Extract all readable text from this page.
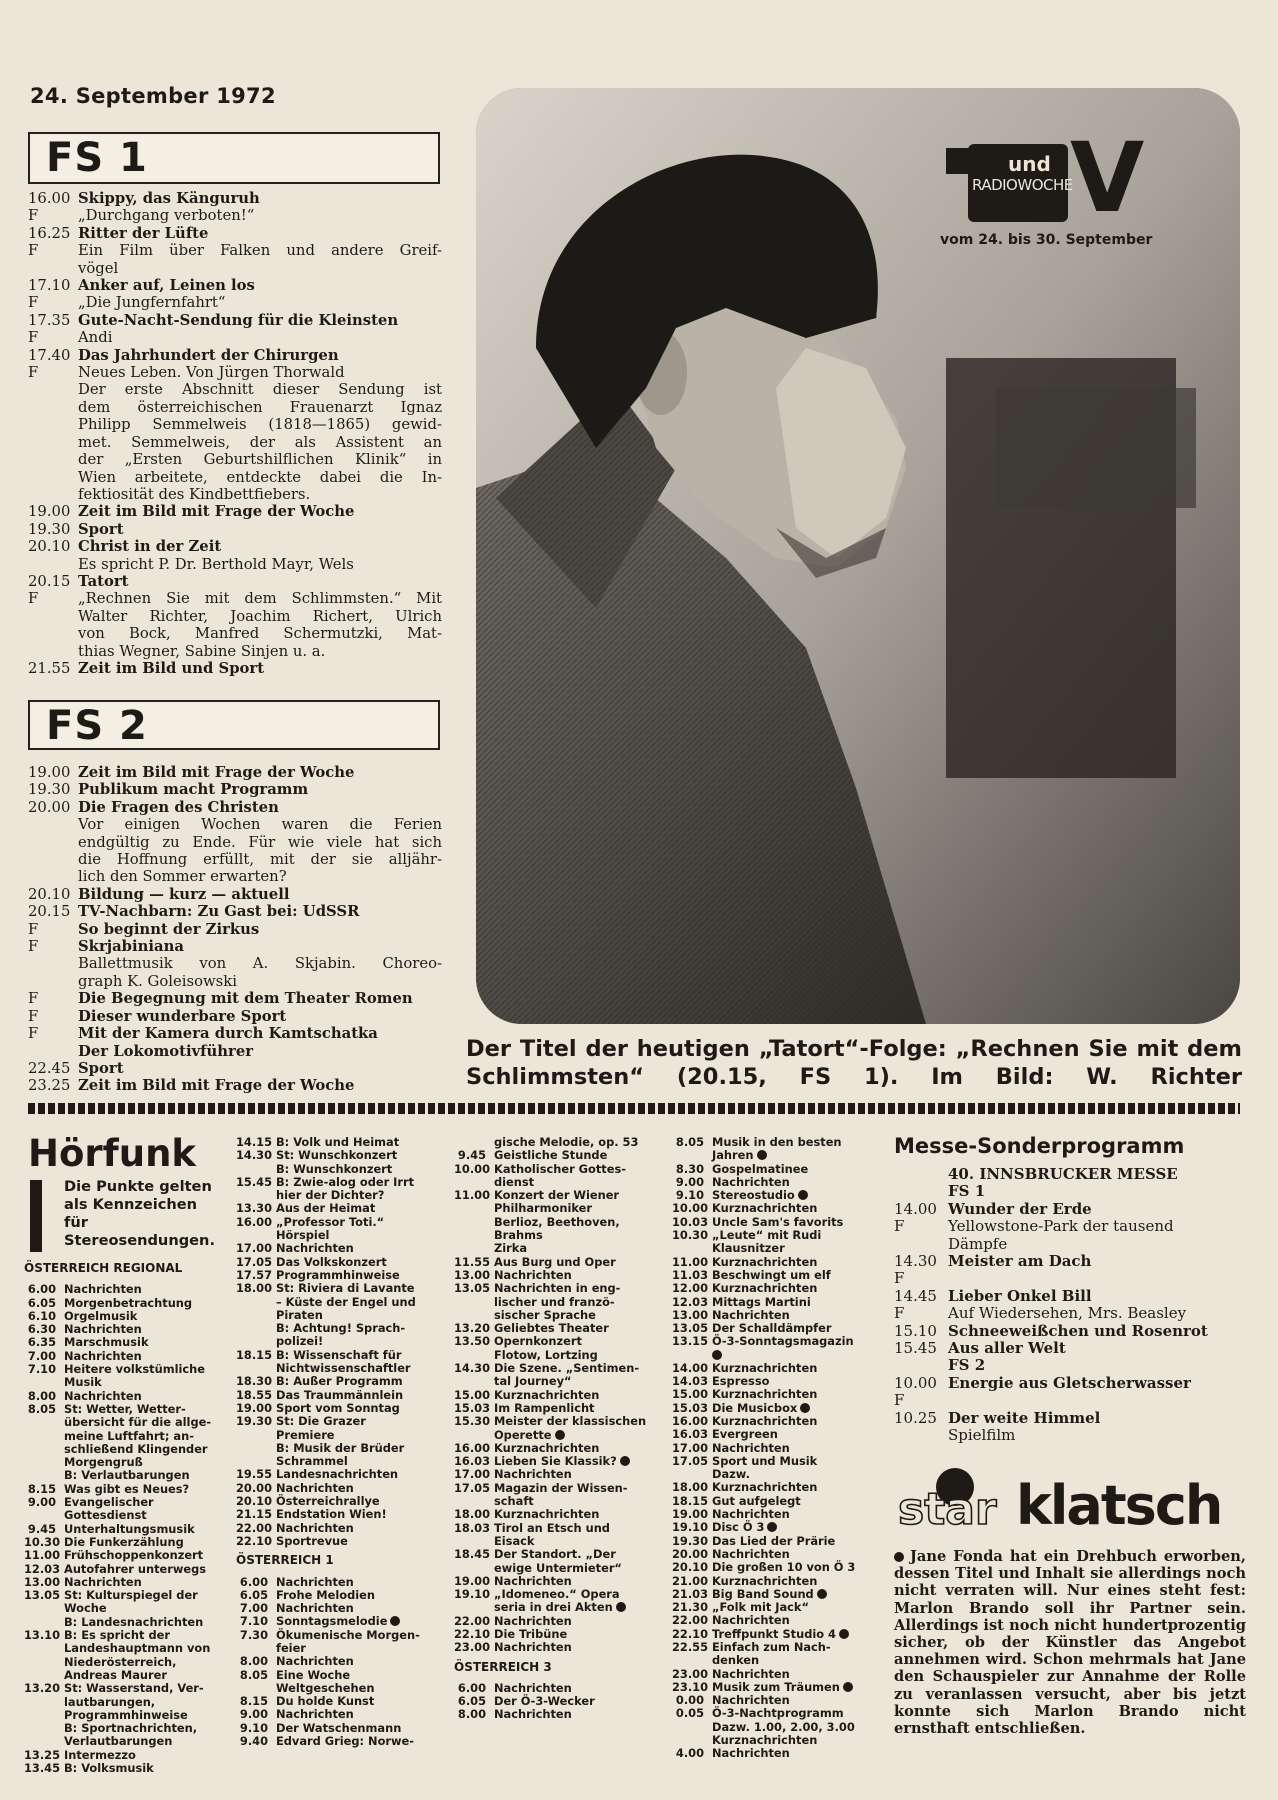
24. September 1972
FS 1
16.00 Skippy, das Känguruh
F	„Durchgang verboten!“
16.25 Ritter der Lüfte
F	Ein Film über Falken und andere Greif-
vögel
17.10 Anker auf, Leinen los
F	„Die Jungfernfahrt“
17.35 Gute-Nacht-Sendung für die Kleinsten
F	Andi
17.40 Das Jahrhundert der Chirurgen
F	Neues Leben. Von Jürgen Thorwald
Der erste Abschnitt dieser Sendung ist
dem österreichischen Frauenarzt Ignaz
Philipp Semmelweis (1818—1865) gewid-
met. Semmelweis, der als Assistent an
der „Ersten Geburtshilflichen Klinik“ in
Wien arbeitete, entdeckte dabei die In-
fektiosität des Kindbettfiebers.
19.00 Zeit im Bild mit Frage der Woche
19.30 Sport
20.10 Christ in der Zeit
Es spricht P. Dr. Berthold Mayr, Wels
20.15 Tatort
F	„Rechnen Sie mit dem Schlimmsten.“ Mit
Walter Richter, Joachim Richert, Ulrich
von Bock, Manfred Schermutzki, Mat-
thias Wegner, Sabine Sinjen u. a.
21.55 Zeit im Bild und Sport
FS 2
19.00 Zeit im Bild mit Frage der Woche
19.30 Publikum macht Programm
20.00 Die Fragen des Christen
Vor einigen Wochen waren die Ferien
endgültig zu Ende. Für wie viele hat sich
die Hoffnung erfüllt, mit der sie alljähr-
lich den Sommer erwarten?
20.10 Bildung — kurz — aktuell
20.15 TV-Nachbarn: Zu Gast bei: UdSSR
F	So beginnt der Zirkus
F	Skrjabiniana
Ballettmusik von A. Skjabin. Choreo-
graph K. Goleisowski
F	Die Begegnung mit dem Theater Romen
F	Dieser wunderbare Sport
F	Mit der Kamera durch Kamtschatka
Der Lokomotivführer
22.45 Sport
23.25 Zeit im Bild mit Frage der Woche
und
RADIOWOCHE
V
vom 24. bis 30. September
Der Titel der heutigen „Tatort“-Folge: „Rechnen Sie mit dem Schlimmsten“ (20.15, FS 1). Im Bild: W. Richter
Hörfunk
Die Punkte gelten als Kennzeichen für Stereosendungen.
ÖSTERREICH REGIONAL
6.00 Nachrichten
6.05 Morgenbetrachtung
6.10 Orgelmusik
6.30 Nachrichten
6.35 Marschmusik
7.00 Nachrichten
7.10 Heitere volkstümliche
Musik
8.00 Nachrichten
8.05 St: Wetter, Wetter-
übersicht für die allge-
meine Luftfahrt; an-
schließend Klingender
Morgengruß
B: Verlautbarungen
8.15 Was gibt es Neues?
9.00 Evangelischer
Gottesdienst
9.45 Unterhaltungsmusik
10.30 Die Funkerzählung
11.00 Frühschoppenkonzert
12.03 Autofahrer unterwegs
13.00 Nachrichten
13.05 St: Kulturspiegel der
Woche
B: Landesnachrichten
13.10 B: Es spricht der
Landeshauptmann von
Niederösterreich,
Andreas Maurer
13.20 St: Wasserstand, Ver-
lautbarungen,
Programmhinweise
B: Sportnachrichten,
Verlautbarungen
13.25 Intermezzo
13.45 B: Volksmusik
14.15 B: Volk und Heimat
14.30 St: Wunschkonzert
B: Wunschkonzert
15.45 B: Zwie-alog oder Irrt
hier der Dichter?
13.30 Aus der Heimat
16.00 „Professor Toti.“
Hörspiel
17.00 Nachrichten
17.05 Das Volkskonzert
17.57 Programmhinweise
18.00 St: Riviera di Lavante
– Küste der Engel und
Piraten
B: Achtung! Sprach-
polizei!
18.15 B: Wissenschaft für
Nichtwissenschaftler
18.30 B: Außer Programm
18.55 Das Traummännlein
19.00 Sport vom Sonntag
19.30 St: Die Grazer
Premiere
B: Musik der Brüder
Schrammel
19.55 Landesnachrichten
20.00 Nachrichten
20.10 Österreichrallye
21.15 Endstation Wien!
22.00 Nachrichten
22.10 Sportrevue
ÖSTERREICH 1
6.00 Nachrichten
6.05 Frohe Melodien
7.00 Nachrichten
7.10 Sonntagsmelodie
7.30 Ökumenische Morgen-
feier
8.00 Nachrichten
8.05 Eine Woche
Weltgeschehen
8.15 Du holde Kunst
9.00 Nachrichten
9.10 Der Watschenmann
9.40 Edvard Grieg: Norwe-
gische Melodie, op. 53
9.45 Geistliche Stunde
10.00 Katholischer Gottes-
dienst
11.00 Konzert der Wiener
Philharmoniker
Berlioz, Beethoven,
Brahms
Zirka
11.55 Aus Burg und Oper
13.00 Nachrichten
13.05 Nachrichten in eng-
lischer und franzö-
sischer Sprache
13.20 Geliebtes Theater
13.50 Opernkonzert
Flotow, Lortzing
14.30 Die Szene. „Sentimen-
tal Journey“
15.00 Kurznachrichten
15.03 Im Rampenlicht
15.30 Meister der klassischen
Operette
16.00 Kurznachrichten
16.03 Lieben Sie Klassik?
17.00 Nachrichten
17.05 Magazin der Wissen-
schaft
18.00 Kurznachrichten
18.03 Tirol an Etsch und
Eisack
18.45 Der Standort. „Der
ewige Untermieter“
19.00 Nachrichten
19.10 „Idomeneo.“ Opera
seria in drei Akten
22.00 Nachrichten
22.10 Die Tribüne
23.00 Nachrichten
ÖSTERREICH 3
6.00 Nachrichten
6.05 Der Ö-3-Wecker
8.00 Nachrichten
8.05 Musik in den besten
Jahren
8.30 Gospelmatinee
9.00 Nachrichten
9.10 Stereostudio
10.00 Kurznachrichten
10.03 Uncle Sam's favorits
10.30 „Leute“ mit Rudi
Klausnitzer
11.00 Kurznachrichten
11.03 Beschwingt um elf
12.00 Kurznachrichten
12.03 Mittags Martini
13.00 Nachrichten
13.05 Der Schalldämpfer
13.15 Ö-3-Sonntagsmagazin
14.00 Kurznachrichten
14.03 Espresso
15.00 Kurznachrichten
15.03 Die Musicbox
16.00 Kurznachrichten
16.03 Evergreen
17.00 Nachrichten
17.05 Sport und Musik
Dazw.
18.00 Kurznachrichten
18.15 Gut aufgelegt
19.00 Nachrichten
19.10 Disc Ö 3
19.30 Das Lied der Prärie
20.00 Nachrichten
20.10 Die großen 10 von Ö 3
21.00 Kurznachrichten
21.03 Big Band Sound
21.30 „Folk mit Jack“
22.00 Nachrichten
22.10 Treffpunkt Studio 4
22.55 Einfach zum Nach-
denken
23.00 Nachrichten
23.10 Musik zum Träumen
0.00 Nachrichten
0.05 Ö-3-Nachtprogramm
Dazw. 1.00, 2.00, 3.00
Kurznachrichten
4.00 Nachrichten
Messe-Sonderprogramm
40. INNSBRUCKER MESSE
FS 1
14.00 Wunder der Erde
F	Yellowstone-Park der tausend
Dämpfe
14.30 Meister am Dach
F
14.45 Lieber Onkel Bill
F	Auf Wiedersehen, Mrs. Beasley
15.10 Schneeweißchen und Rosenrot
15.45 Aus aller Welt
FS 2
10.00 Energie aus Gletscherwasser
F
10.25 Der weite Himmel
Spielfilm
star klatsch
Jane Fonda hat ein Drehbuch erworben, dessen Titel und Inhalt sie allerdings noch nicht verraten will. Nur eines steht fest: Marlon Brando soll ihr Partner sein. Allerdings ist noch nicht hundertprozentig sicher, ob der Künstler das Angebot annehmen wird. Schon mehrmals hat Jane den Schauspieler zur Annahme der Rolle zu veranlassen versucht, aber bis jetzt konnte sich Marlon Brando nicht ernsthaft entschließen.
